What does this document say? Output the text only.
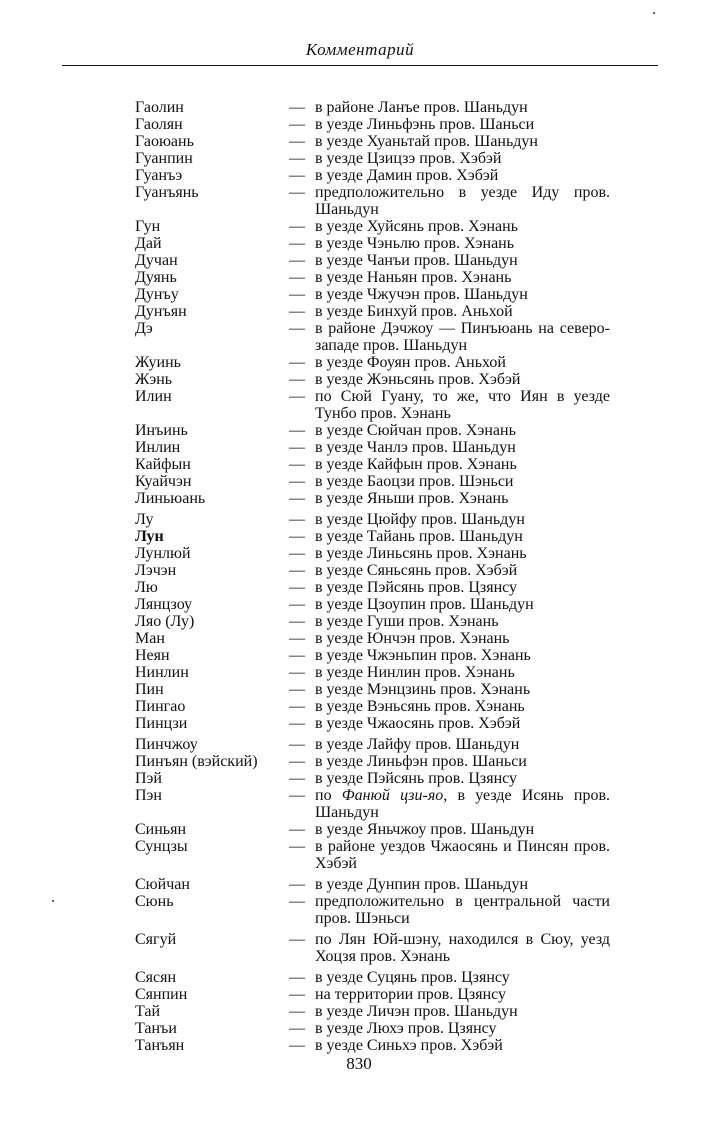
Комментарий
Гаолин	— в районе Ланъе пров. Шаньдун
Гаолян	— в уезде Линьфэнь пров. Шаньси
Гаоюань	— в уезде Хуаньтай пров. Шаньдун
Гуанпин	— в уезде Цзицзэ пров. Хэбэй
Гуанъэ	— в уезде Дамин пров. Хэбэй
Гуанъянь	— предположительно в уезде Иду пров. Шаньдун
Гун	— в уезде Хуйсянь пров. Хэнань
Дай	— в уезде Чэньлю пров. Хэнань
Дучан	— в уезде Чанъи пров. Шаньдун
Дуянь	— в уезде Наньян пров. Хэнань
Дунъу	— в уезде Чжучэн пров. Шаньдун
Дунъян	— в уезде Бинхуй пров. Аньхой
Дэ	— в районе Дэчжоу — Пинъюань на северо-западе пров. Шаньдун
Жуинь	— в уезде Фоуян пров. Аньхой
Жэнь	— в уезде Жэньсянь пров. Хэбэй
Илин	— по Сюй Гуану, то же, что Иян в уезде Тунбо пров. Хэнань
Инъинь	— в уезде Сюйчан пров. Хэнань
Инлин	— в уезде Чанлэ пров. Шаньдун
Кайфын	— в уезде Кайфын пров. Хэнань
Куайчэн	— в уезде Баоцзи пров. Шэньси
Линьюань	— в уезде Яньши пров. Хэнань
Лу	— в уезде Цюйфу пров. Шаньдун
Лун	— в уезде Тайань пров. Шаньдун
Лунлюй	— в уезде Линьсянь пров. Хэнань
Лэчэн	— в уезде Сяньсянь пров. Хэбэй
Лю	— в уезде Пэйсянь пров. Цзянсу
Лянцзоу	— в уезде Цзоупин пров. Шаньдун
Ляо (Лу)	— в уезде Гуши пров. Хэнань
Ман	— в уезде Юнчэн пров. Хэнань
Неян	— в уезде Чжэньпин пров. Хэнань
Нинлин	— в уезде Нинлин пров. Хэнань
Пин	— в уезде Мэнцзинь пров. Хэнань
Пингао	— в уезде Вэньсянь пров. Хэнань
Пинцзи	— в уезде Чжаосянь пров. Хэбэй
Пинчжоу	— в уезде Лайфу пров. Шаньдун
Пинъян (вэйский)	— в уезде Линьфэн пров. Шаньси
Пэй	— в уезде Пэйсянь пров. Цзянсу
Пэн	— по Фанюй цзи-яо, в уезде Исянь пров. Шаньдун
Синьян	— в уезде Яньчжоу пров. Шаньдун
Сунцзы	— в районе уездов Чжаосянь и Пинсян пров. Хэбэй
Сюйчан	— в уезде Дунпин пров. Шаньдун
Сюнь	— предположительно в центральной части пров. Шэньси
Сягуй	— по Лян Юй-шэну, находился в Сюу, уезд Хоцзя пров. Хэнань
Сясян	— в уезде Суцянь пров. Цзянсу
Сянпин	— на территории пров. Цзянсу
Тай	— в уезде Личэн пров. Шаньдун
Танъи	— в уезде Люхэ пров. Цзянсу
Танъян	— в уезде Синьхэ пров. Хэбэй
830
